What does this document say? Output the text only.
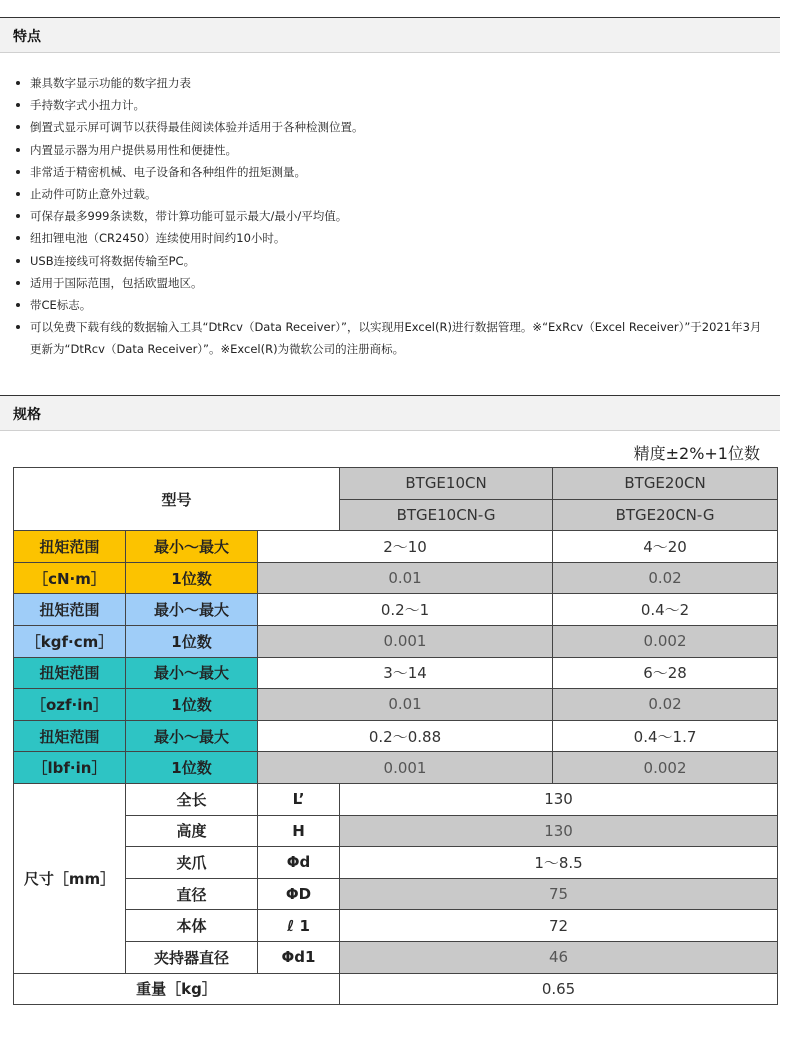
特点
兼具数字显示功能的数字扭力表
手持数字式小扭力计。
倒置式显示屏可调节以获得最佳阅读体验并适用于各种检测位置。
内置显示器为用户提供易用性和便捷性。
非常适于精密机械、电子设备和各种组件的扭矩测量。
止动件可防止意外过载。
可保存最多999条读数，带计算功能可显示最大/最小/平均值。
纽扣锂电池（CR2450）连续使用时间约10小时。
USB连接线可将数据传输至PC。
适用于国际范围，包括欧盟地区。
带CE标志。
可以免费下载有线的数据输入工具“DtRcv（Data Receiver）”，以实现用Excel(R)进行数据管理。※“ExRcv（Excel Receiver）”于2021年3月更新为“DtRcv（Data Receiver）”。※Excel(R)为微软公司的注册商标。
规格
精度±2%+1位数
型号			BTGE10CN	BTGE20CN
			BTGE10CN-G	BTGE20CN-G
扭矩范围	最小～最大	2～10		4～20
［cN·m］	1位数	0.01		0.02
扭矩范围	最小～最大	0.2～1		0.4～2
［kgf·cm］	1位数	0.001		0.002
扭矩范围	最小～最大	3～14		6～28
［ozf·in］	1位数	0.01		0.02
扭矩范围	最小～最大	0.2～0.88		0.4～1.7
［lbf·in］	1位数	0.001		0.002
尺寸［mm］	全长	L’	130	
	高度	H	130	
	夹爪	Φd	1～8.5	
	直径	ΦD	75	
	本体	ℓ 1	72	
	夹持器直径	Φd1	46	
重量［kg］			0.65	
